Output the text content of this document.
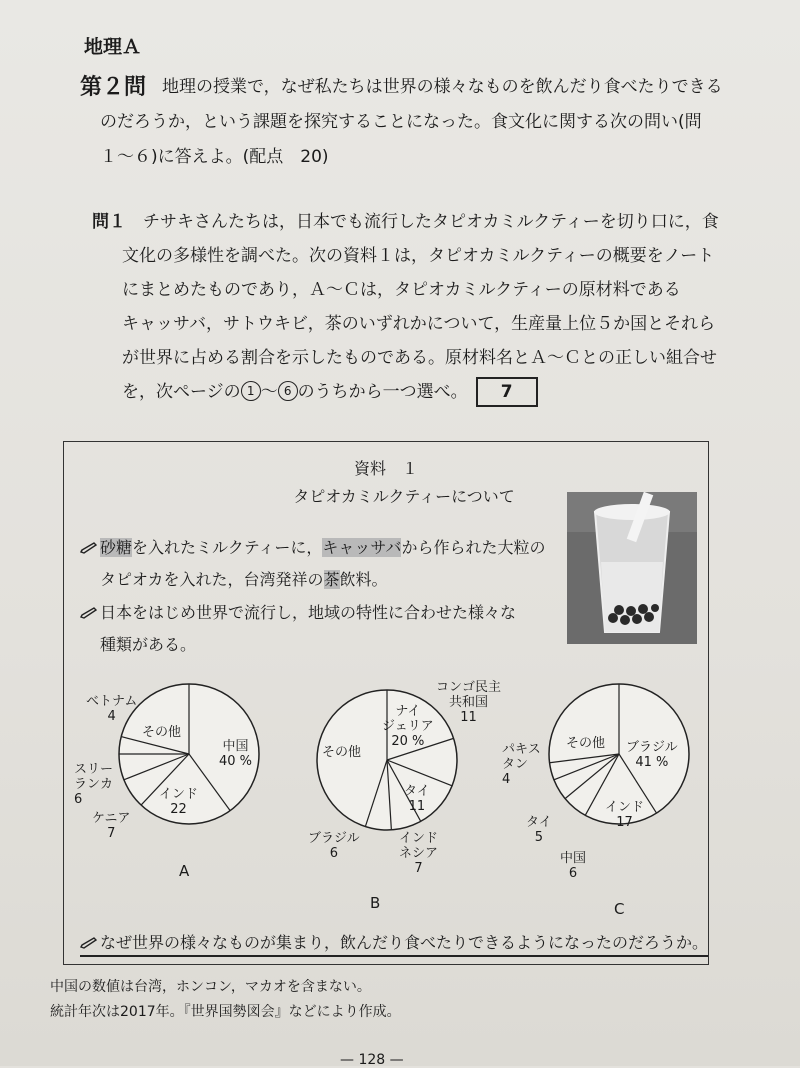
地理Ａ
第２問 地理の授業で，なぜ私たちは世界の様々なものを飲んだり食べたりできる
のだろうか，という課題を探究することになった。食文化に関する次の問い(問
１～６)に答えよ。(配点　20)
問１　 チサキさんたちは，日本でも流行したタピオカミルクティーを切り口に，食
文化の多様性を調べた。次の資料１は，タピオカミルクティーの概要をノート
にまとめたものであり，Ａ～Ｃは，タピオカミルクティーの原材料である
キャッサバ，サトウキビ，茶のいずれかについて，生産量上位５か国とそれら
が世界に占める割合を示したものである。原材料名とＡ～Ｃとの正しい組合せ
を，次ページの 1 ～ 6 のうちから一つ選べ。 7
資料　１
タピオカミルクティーについて
砂糖を入れたミルクティーに，キャッサバから作られた大粒の
タピオカを入れた，台湾発祥の茶飲料。
日本をはじめ世界で流行し，地域の特性に合わせた様々な
種類がある。
中国
40 %
インド
22
ケニア
7
スリー
ランカ
6
ベトナム
4
その他
ナイ
ジェリア
20 %
コンゴ民主
共和国
11
タイ
11
インド
ネシア
7
ブラジル
6
その他	ブラジル
41 %
インド
17
中国
6
タイ
5
パキス
タン
4
その他
A
B	C
なぜ世界の様々なものが集まり，飲んだり食べたりできるようになったのだろうか。
中国の数値は台湾，ホンコン，マカオを含まない。
統計年次は2017年。『世界国勢図会』などにより作成。
— 128 —
